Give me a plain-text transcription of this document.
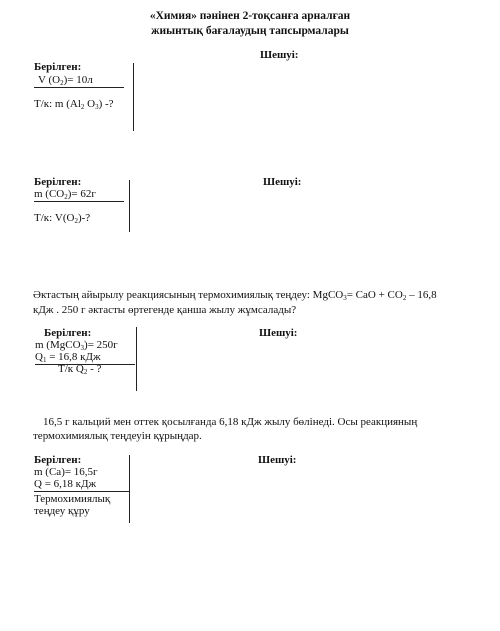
«Химия» пәнінен 2-тоқсанға арналған
жиынтық бағалаудың тапсырмалары
Шешуі:
Берілген:
V $(O_2)= 10л$
Т/к: m ($Al_2$ $O_3$) -?
Шешуі:
Берілген:
m $(CO_2)= 62г$
Т/к: $V(O_2)-$?
Әктастың айырылу реакциясының термохимиялық теңдеу: MgCO$_3$= CaO + $CO_2 - 16,8$
кДж . 250 г әктасты өртегенде қанша жылу жұмсалады?
Шешуі:
Берілген:
m (MgCO$_3$)= 250г
$Q_1 = 16,8$ кДж
Т/к $Q_2$ - ?
16,5 г кальций мен оттек қосылғанда 6,18 кДж жылу бөлінеді. Осы реакцияның
термохимиялық теңдеуін құрыңдар.
Шешуі:
Берілген:
m (Ca)= 16,5г
Q = 6,18 кДж
Термохимиялық
теңдеу құру
